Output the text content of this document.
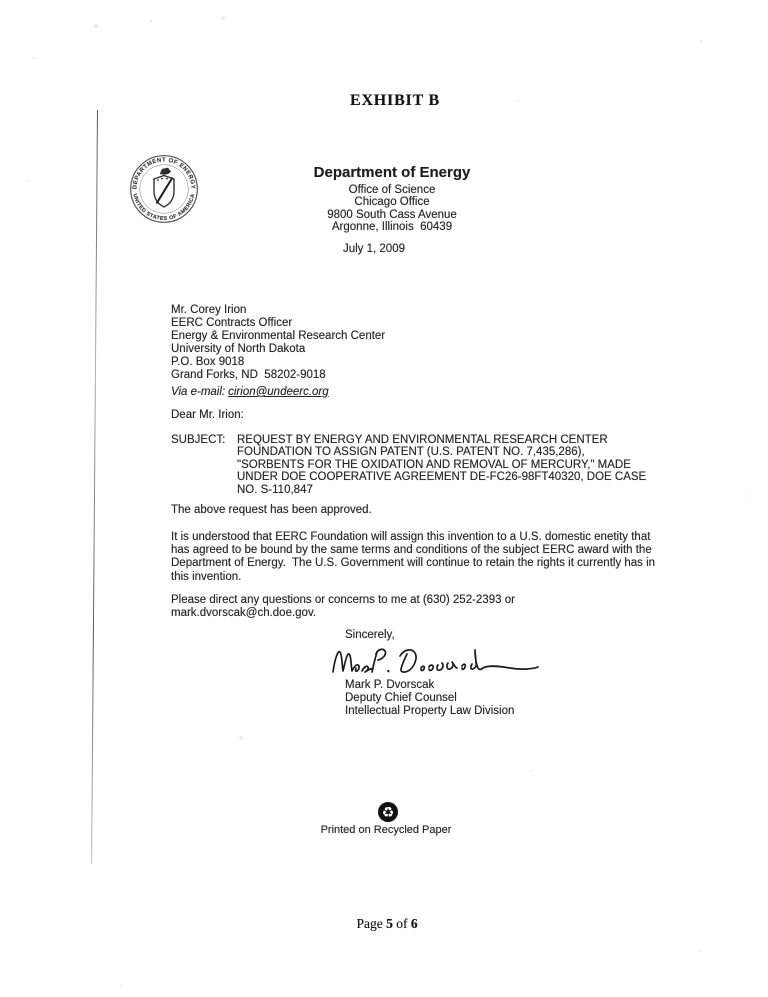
EXHIBIT B
DEPARTMENT OF ENERGY
UNITED STATES OF AMERICA
Department of Energy
Office of Science
Chicago Office
9800 South Cass Avenue
Argonne, Illinois  60439
July 1, 2009
Mr. Corey Irion
EERC Contracts Officer
Energy & Environmental Research Center
University of North Dakota
P.O. Box 9018
Grand Forks, ND  58202-9018
Via e-mail: cirion@undeerc.org
Dear Mr. Irion:
SUBJECT:	REQUEST BY ENERGY AND ENVIRONMENTAL RESEARCH CENTER
FOUNDATION TO ASSIGN PATENT (U.S. PATENT NO. 7,435,286),
"SORBENTS FOR THE OXIDATION AND REMOVAL OF MERCURY," MADE
UNDER DOE COOPERATIVE AGREEMENT DE-FC26-98FT40320, DOE CASE
NO. S-110,847
The above request has been approved.
It is understood that EERC Foundation will assign this invention to a U.S. domestic enetity that
has agreed to be bound by the same terms and conditions of the subject EERC award with the
Department of Energy.  The U.S. Government will continue to retain the rights it currently has in
this invention.
Please direct any questions or concerns to me at (630) 252-2393 or
mark.dvorscak@ch.doe.gov.
Sincerely,
Mark P. Dvorscak
Deputy Chief Counsel
Intellectual Property Law Division
♻
Printed on Recycled Paper
Page 5 of 6
